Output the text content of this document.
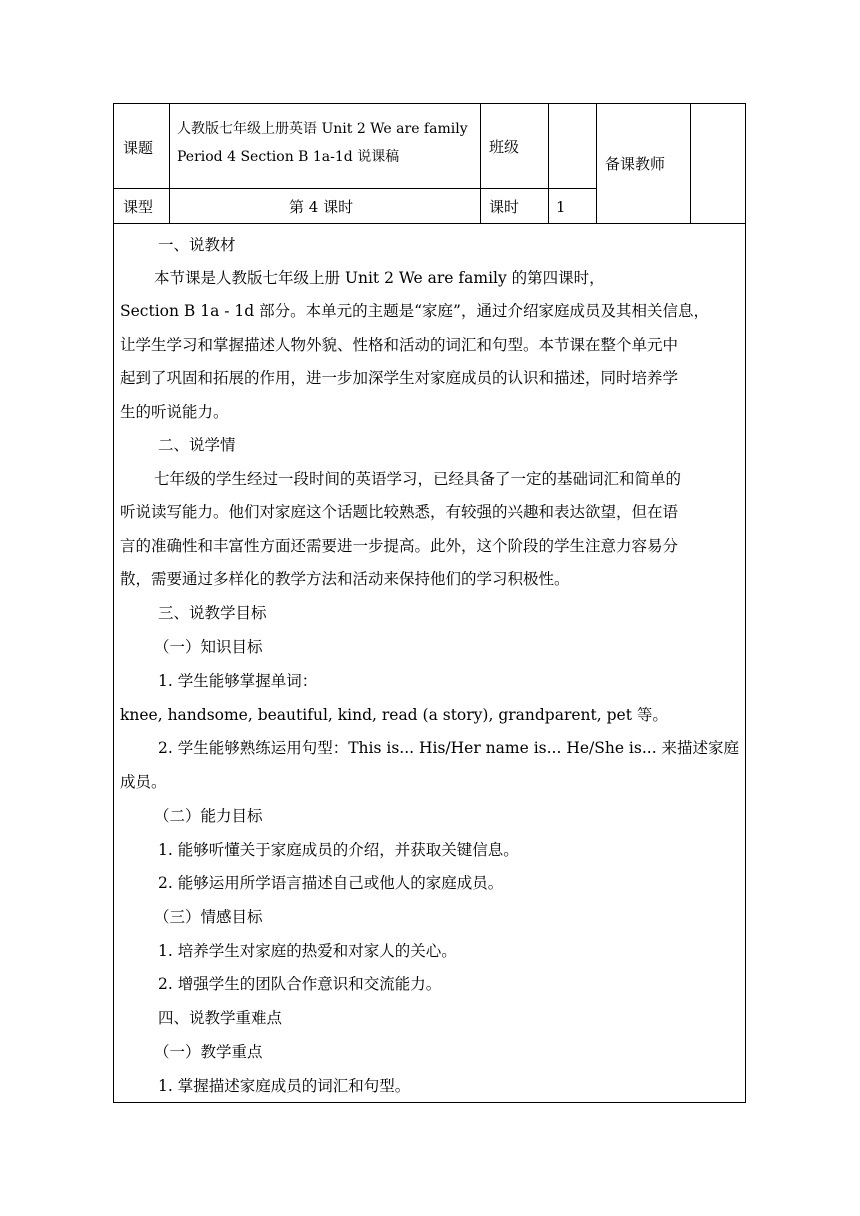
课题
人教版七年级上册英语 Unit 2 We are family
Period 4 Section B 1a-1d 说课稿
班级
备课教师
课型	第 4 课时	课时 1
一、说教材
本节课是人教版七年级上册 Unit 2 We are family 的第四课时，
Section B 1a - 1d 部分。本单元的主题是“家庭”，通过介绍家庭成员及其相关信息，
让学生学习和掌握描述人物外貌、性格和活动的词汇和句型。本节课在整个单元中
起到了巩固和拓展的作用，进一步加深学生对家庭成员的认识和描述，同时培养学
生的听说能力。
二、说学情
七年级的学生经过一段时间的英语学习，已经具备了一定的基础词汇和简单的
听说读写能力。他们对家庭这个话题比较熟悉，有较强的兴趣和表达欲望，但在语
言的准确性和丰富性方面还需要进一步提高。此外，这个阶段的学生注意力容易分
散，需要通过多样化的教学方法和活动来保持他们的学习积极性。
三、说教学目标
（一）知识目标
1. 学生能够掌握单词：
knee, handsome, beautiful, kind, read (a story), grandparent, pet 等。
2. 学生能够熟练运用句型：This is... His/Her name is... He/She is... 来描述家庭
成员。
（二）能力目标
1. 能够听懂关于家庭成员的介绍，并获取关键信息。
2. 能够运用所学语言描述自己或他人的家庭成员。
（三）情感目标
1. 培养学生对家庭的热爱和对家人的关心。
2. 增强学生的团队合作意识和交流能力。
四、说教学重难点
（一）教学重点
1. 掌握描述家庭成员的词汇和句型。
